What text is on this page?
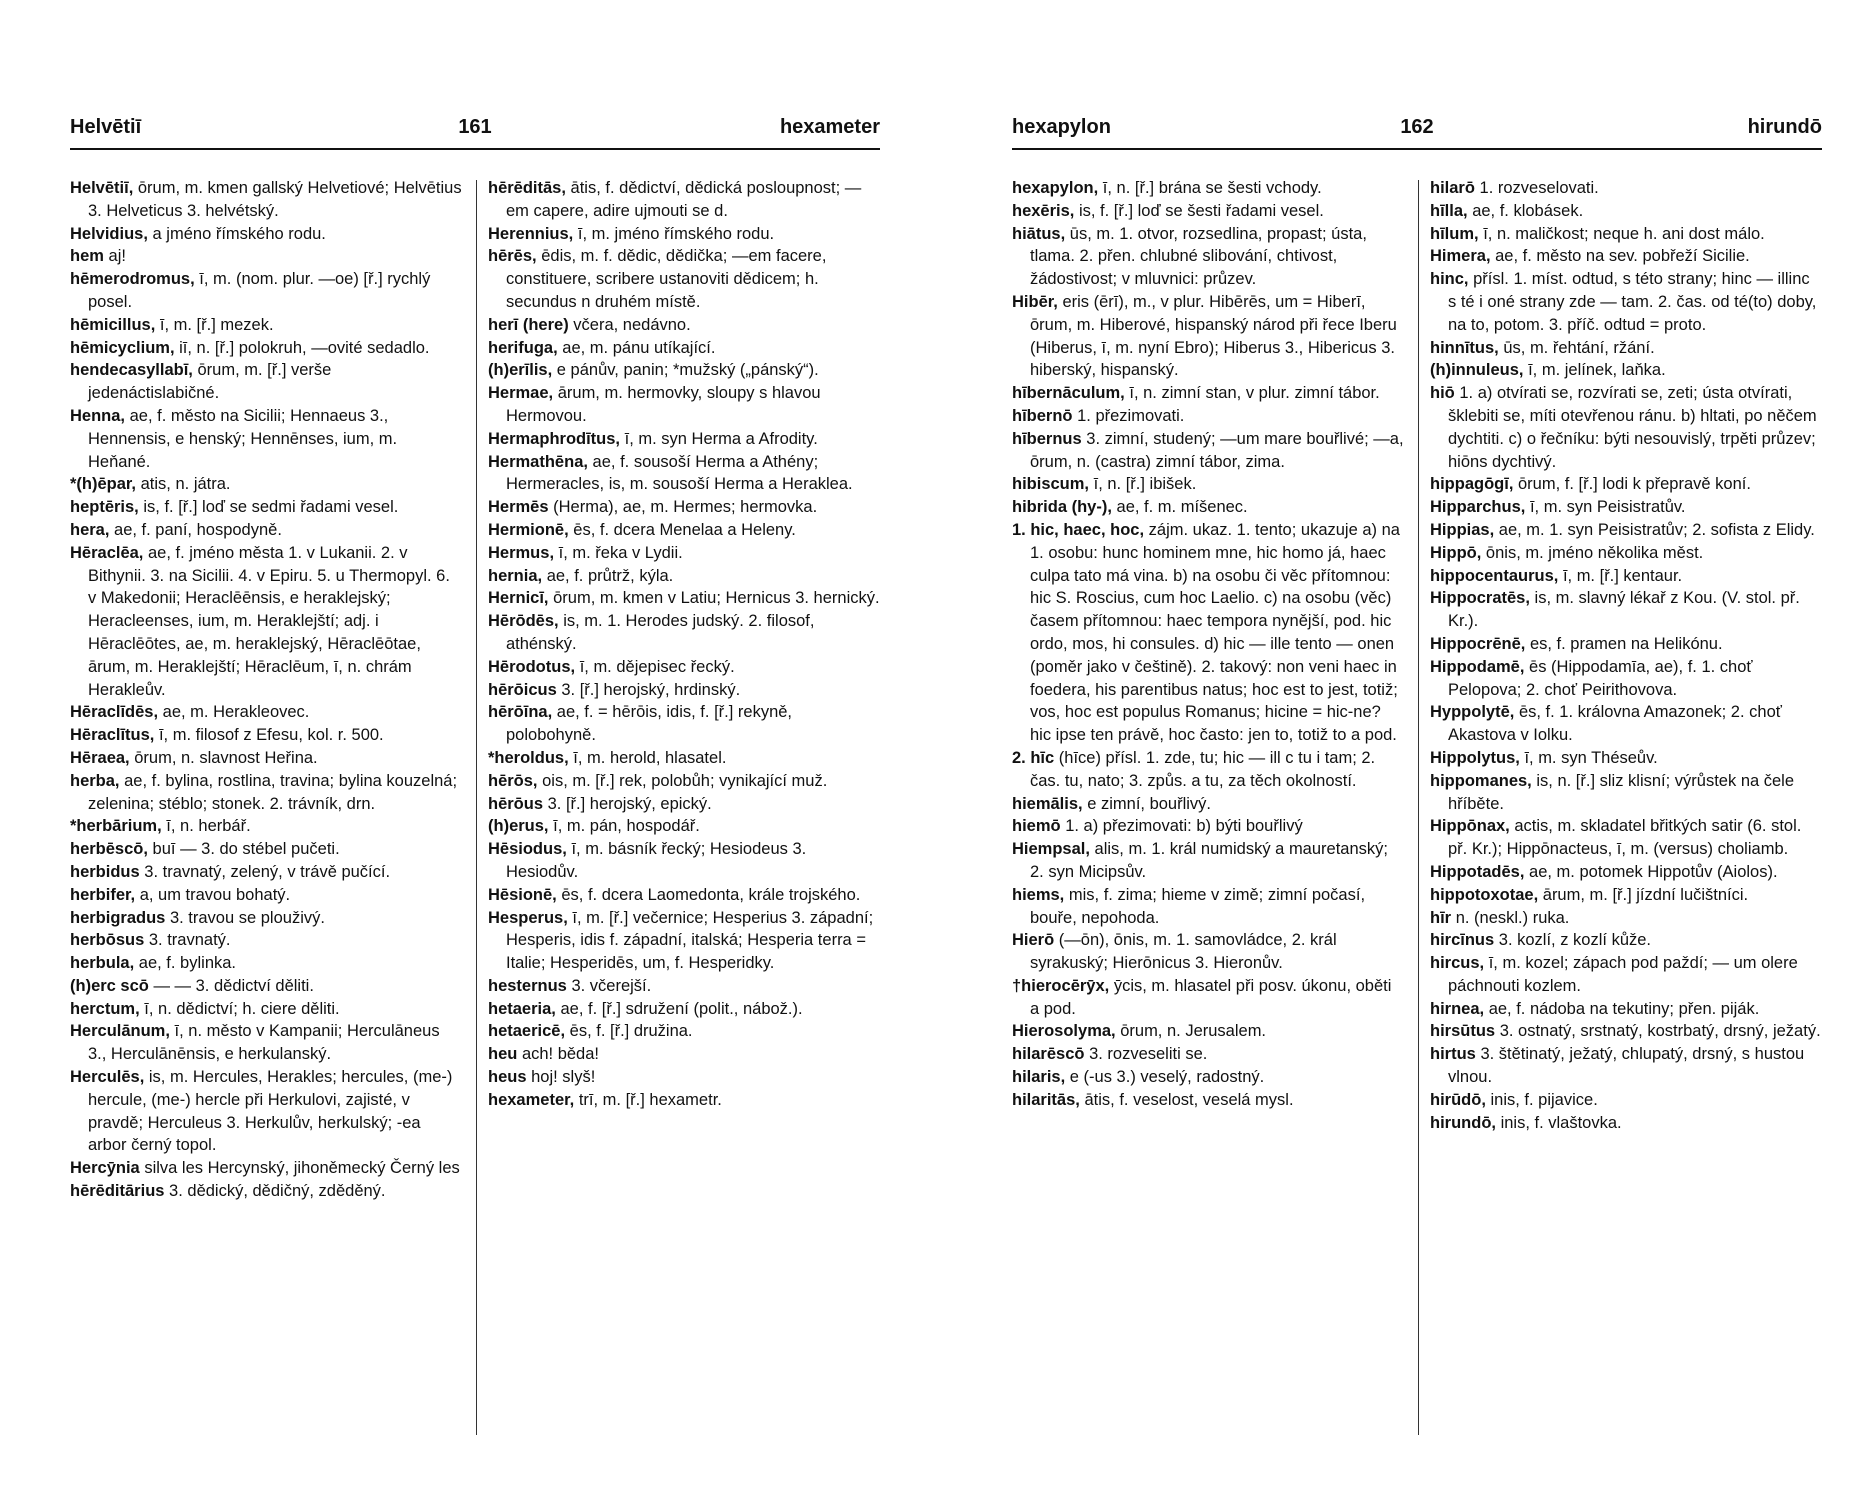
Helvētiī	161	hexameter

Helvētiī, ōrum, m. kmen gallský Helvetiové; Helvētius 3. Helveticus 3. helvétský.

Helvidius, a jméno římského rodu.

hem aj!

hēmerodromus, ī, m. (nom. plur. —oe) [ř.] rychlý posel.

hēmicillus, ī, m. [ř.] mezek.

hēmicyclium, iī, n. [ř.] polokruh, —ovité sedadlo.

hendecasyllabī, ōrum, m. [ř.] verše jedenáctislabičné.

Henna, ae, f. město na Sicilii; Hennaeus 3., Hennensis, e henský; Hennēnses, ium, m. Heňané.

*(h)ēpar, atis, n. játra.

heptēris, is, f. [ř.] loď se sedmi řadami vesel.

hera, ae, f. paní, hospodyně.

Hēraclēa, ae, f. jméno města 1. v Lukanii. 2. v Bithynii. 3. na Sicilii. 4. v Epiru. 5. u Thermopyl. 6. v Makedonii; Heraclēēnsis, e heraklejský; Heracleenses, ium, m. Heraklejští; adj. i Hēraclēōtes, ae, m. heraklejský, Hēraclēōtae, ārum, m. Heraklejští; Hēraclēum, ī, n. chrám Herakleův.

Hēraclīdēs, ae, m. Herakleovec.

Hēraclītus, ī, m. filosof z Efesu, kol. r. 500.

Hēraea, ōrum, n. slavnost Heřina.

herba, ae, f. bylina, rostlina, travina; bylina kouzelná; zelenina; stéblo; stonek. 2. trávník, drn.

*herbārium, ī, n. herbář.

herbēscō, buī — 3. do stébel pučeti.

herbidus 3. travnatý, zelený, v trávě pučící.

herbifer, a, um travou bohatý.

herbigradus 3. travou se plouživý.

herbōsus 3. travnatý.

herbula, ae, f. bylinka.

(h)erc scō — — 3. dědictví děliti.

herctum, ī, n. dědictví; h. ciere děliti.

Herculānum, ī, n. město v Kampanii; Herculāneus 3., Herculānēnsis, e herkulanský.

Herculēs, is, m. Hercules, Herakles; hercules, (me-) hercule, (me-) hercle při Herkulovi, zajisté, v pravdě; Herculeus 3. Herkulův, herkulský; -ea arbor černý topol.

Hercȳnia silva les Hercynský, jihoněmecký Černý les

hērēditārius 3. dědický, dědičný, zděděný.

hērēditās, ātis, f. dědictví, dědická posloupnost; —em capere, adire ujmouti se d.

Herennius, ī, m. jméno římského rodu.

hērēs, ēdis, m. f. dědic, dědička; —em facere, constituere, scribere ustanoviti dědicem; h. secundus n druhém místě.

herī (here) včera, nedávno.

herifuga, ae, m. pánu utíkající.

(h)erīlis, e pánův, panin; *mužský („pánský“).

Hermae, ārum, m. hermovky, sloupy s hlavou Hermovou.

Hermaphrodītus, ī, m. syn Herma a Afrodity.

Hermathēna, ae, f. sousoší Herma a Athény; Hermeracles, is, m. sousoší Herma a Heraklea.

Hermēs (Herma), ae, m. Hermes; hermovka.

Hermionē, ēs, f. dcera Menelaa a Heleny.

Hermus, ī, m. řeka v Lydii.

hernia, ae, f. průtrž, kýla.

Hernicī, ōrum, m. kmen v Latiu; Hernicus 3. hernický.

Hērōdēs, is, m. 1. Herodes judský. 2. filosof, athénský.

Hērodotus, ī, m. dějepisec řecký.

hērōicus 3. [ř.] herojský, hrdinský.

hērōīna, ae, f. = hērōis, idis, f. [ř.] rekyně, polobohyně.

*heroldus, ī, m. herold, hlasatel.

hērōs, ois, m. [ř.] rek, polobůh; vynikající muž.

hērōus 3. [ř.] herojský, epický.

(h)erus, ī, m. pán, hospodář.

Hēsiodus, ī, m. básník řecký; Hesiodeus 3. Hesiodův.

Hēsionē, ēs, f. dcera Laomedonta, krále trojského.

Hesperus, ī, m. [ř.] večernice; Hesperius 3. západní; Hesperis, idis f. západní, italská; Hesperia terra = Italie; Hesperidēs, um, f. Hesperidky.

hesternus 3. včerejší.

hetaeria, ae, f. [ř.] sdružení (polit., nábož.).

hetaericē, ēs, f. [ř.] družina.

heu ach! běda!

heus hoj! slyš!

hexameter, trī, m. [ř.] hexametr.

hexapylon	162	hirundō

hexapylon, ī, n. [ř.] brána se šesti vchody.

hexēris, is, f. [ř.] loď se šesti řadami vesel.

hiātus, ūs, m. 1. otvor, rozsedlina, propast; ústa, tlama. 2. přen. chlubné slibování, chtivost, žádostivost; v mluvnici: průzev.

Hibēr, eris (ērī), m., v plur. Hibērēs, um = Hiberī, ōrum, m. Hiberové, hispanský národ při řece Iberu (Hiberus, ī, m. nyní Ebro); Hiberus 3., Hibericus 3. hiberský, hispanský.

hībernāculum, ī, n. zimní stan, v plur. zimní tábor.

hībernō 1. přezimovati.

hībernus 3. zimní, studený; —um mare bouřlivé; —a, ōrum, n. (castra) zimní tábor, zima.

hibiscum, ī, n. [ř.] ibišek.

hibrida (hy-), ae, f. m. míšenec.

1. hic, haec, hoc, zájm. ukaz. 1. tento; ukazuje a) na 1. osobu: hunc hominem mne, hic homo já, haec culpa tato má vina. b) na osobu či věc přítomnou: hic S. Roscius, cum hoc Laelio. c) na osobu (věc) časem přítomnou: haec tempora nynější, pod. hic ordo, mos, hi consules. d) hic — ille tento — onen (poměr jako v češtině). 2. takový: non veni haec in foedera, his parentibus natus; hoc est to jest, totiž; vos, hoc est populus Romanus; hicine = hic-ne? hic ipse ten právě, hoc často: jen to, totiž to a pod.

2. hīc (hīce) přísl. 1. zde, tu; hic — ill c tu i tam; 2. čas. tu, nato; 3. způs. a tu, za těch okolností.

hiemālis, e zimní, bouřlivý.

hiemō 1. a) přezimovati: b) býti bouřlivý

Hiempsal, alis, m. 1. král numidský a mauretanský; 2. syn Micipsův.

hiems, mis, f. zima; hieme v zimě; zimní počasí, bouře, nepohoda.

Hierō (—ōn), ōnis, m. 1. samovládce, 2. král syrakuský; Hierōnicus 3. Hieronův.

†hierocērȳx, ȳcis, m. hlasatel při posv. úkonu, oběti a pod.

Hierosolyma, ōrum, n. Jerusalem.

hilarēscō 3. rozveseliti se.

hilaris, e (-us 3.) veselý, radostný.

hilaritās, ātis, f. veselost, veselá mysl.

hilarō 1. rozveselovati.

hīlla, ae, f. klobásek.

hīlum, ī, n. maličkost; neque h. ani dost málo.

Himera, ae, f. město na sev. pobřeží Sicilie.

hinc, přísl. 1. míst. odtud, s této strany; hinc — illinc s té i oné strany zde — tam. 2. čas. od té(to) doby, na to, potom. 3. příč. odtud = proto.

hinnītus, ūs, m. řehtání, ržání.

(h)innuleus, ī, m. jelínek, laňka.

hiō 1. a) otvírati se, rozvírati se, zeti; ústa otvírati, šklebiti se, míti otevřenou ránu. b) hltati, po něčem dychtiti. c) o řečníku: býti nesouvislý, trpěti průzev; hiōns dychtivý.

hippagōgī, ōrum, f. [ř.] lodi k přepravě koní.

Hipparchus, ī, m. syn Peisistratův.

Hippias, ae, m. 1. syn Peisistratův; 2. sofista z Elidy.

Hippō, ōnis, m. jméno několika měst.

hippocentaurus, ī, m. [ř.] kentaur.

Hippocratēs, is, m. slavný lékař z Kou. (V. stol. př. Kr.).

Hippocrēnē, es, f. pramen na Helikónu.

Hippodamē, ēs (Hippodamīa, ae), f. 1. choť Pelopova; 2. choť Peirithovova.

Hyppolytē, ēs, f. 1. královna Amazonek; 2. choť Akastova v Iolku.

Hippolytus, ī, m. syn Théseův.

hippomanes, is, n. [ř.] sliz klisní; výrůstek na čele hříběte.

Hippōnax, actis, m. skladatel břitkých satir (6. stol. př. Kr.); Hippōnacteus, ī, m. (versus) choliamb.

Hippotadēs, ae, m. potomek Hippotův (Aiolos).

hippotoxotae, ārum, m. [ř.] jízdní lučištníci.

hīr n. (neskl.) ruka.

hircīnus 3. kozlí, z kozlí kůže.

hircus, ī, m. kozel; zápach pod paždí; — um olere páchnouti kozlem.

hirnea, ae, f. nádoba na tekutiny; přen. piják.

hirsūtus 3. ostnatý, srstnatý, kostrbatý, drsný, ježatý.

hirtus 3. štětinatý, ježatý, chlupatý, drsný, s hustou vlnou.

hirūdō, inis, f. pijavice.

hirundō, inis, f. vlaštovka.
